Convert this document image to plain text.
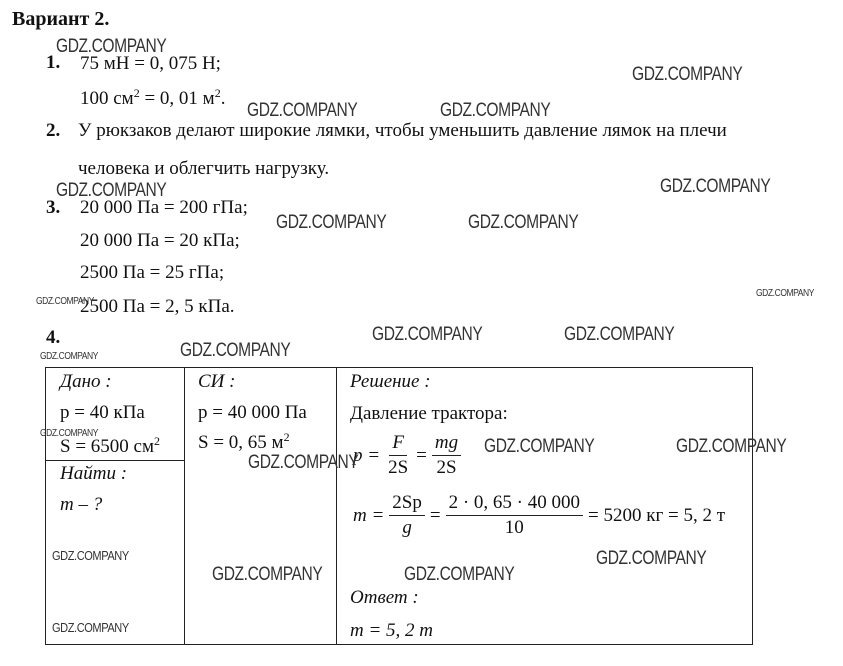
Вариант 2.
1. 75 мН = 0, 075 Н;
100 $см^2 = 0$, 01 $м^2$.
2. У рюкзаков делают широкие лямки, чтобы уменьшить давление лямок на плечи
человека и облегчить нагрузку.
3. 20 000 Па = 200 гПа;
20 000 Па = 20 кПа;
2500 Па = 25 гПа;
2500 Па = 2, 5 кПа.
4.
Дано :
p = 40 кПа
S = 6500 $см^2$
Найти :
m – ?
СИ :
p = 40 000 Па
S = 0, 65 $м^2$
Решение :
Давление трактора:
$p = \frac{F}{2S} = \frac{mg}{2S}$
$m = \frac{2Sp}{g} = \frac{2 \cdot 0, 65 \cdot 40 000}{10} = 5200$ кг = 5, 2 т
Ответ :
m = 5, 2 т
GDZ.COMPANY
GDZ.COMPANY
GDZ.COMPANY	GDZ.COMPANY
GDZ.COMPANY	GDZ.COMPANY
GDZ.COMPANY	GDZ.COMPANY
GDZ.COMPANY
GDZ.COMPANY
GDZ.COMPANY	GDZ.COMPANY
GDZ.COMPANY
GDZ.COMPANY
GDZ.COMPANY
GDZ.COMPANY	GDZ.COMPANY
GDZ.COMPANY
GDZ.COMPANY	GDZ.COMPANY
GDZ.COMPANY	GDZ.COMPANY
GDZ.COMPANY
